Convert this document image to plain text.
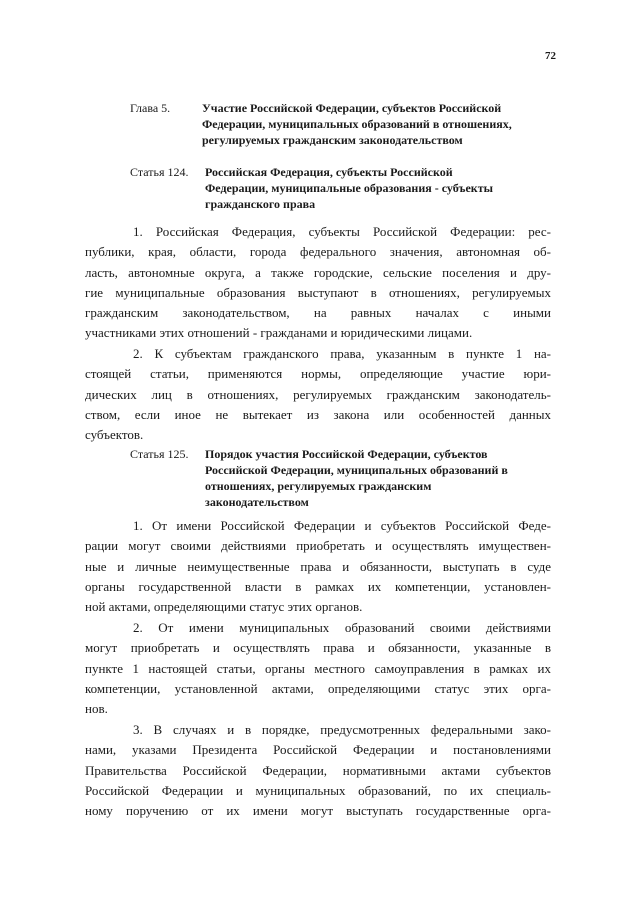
72
Глава 5.	Участие Российской Федерации, субъектов Российской
Федерации, муниципальных образований в отношениях,
регулируемых гражданским законодательством
Статья 124.	Российская Федерация, субъекты Российской
Федерации, муниципальные образования - субъекты
гражданского права
1. Российская Федерация, субъекты Российской Федерации: рес-
публики, края, области, города федерального значения, автономная об-
ласть, автономные округа, а также городские, сельские поселения и дру-
гие муниципальные образования выступают в отношениях, регулируемых
гражданским законодательством, на равных началах с иными
участниками этих отношений - гражданами и юридическими лицами.
2. К субъектам гражданского права, указанным в пункте 1 на-
стоящей статьи, применяются нормы, определяющие участие юри-
дических лиц в отношениях, регулируемых гражданским законодатель-
ством, если иное не вытекает из закона или особенностей данных
субъектов.
Статья 125.	Порядок участия Российской Федерации, субъектов
Российской Федерации, муниципальных образований в
отношениях, регулируемых гражданским
законодательством
1. От имени Российской Федерации и субъектов Российской Феде-
рации могут своими действиями приобретать и осуществлять имуществен-
ные и личные неимущественные права и обязанности, выступать в суде
органы государственной власти в рамках их компетенции, установлен-
ной актами, определяющими статус этих органов.
2. От имени муниципальных образований своими действиями
могут приобретать и осуществлять права и обязанности, указанные в
пункте 1 настоящей статьи, органы местного самоуправления в рамках их
компетенции, установленной актами, определяющими статус этих орга-
нов.
3. В случаях и в порядке, предусмотренных федеральными зако-
нами, указами Президента Российской Федерации и постановлениями
Правительства Российской Федерации, нормативными актами субъектов
Российской Федерации и муниципальных образований, по их специаль-
ному поручению от их имени могут выступать государственные орга-
